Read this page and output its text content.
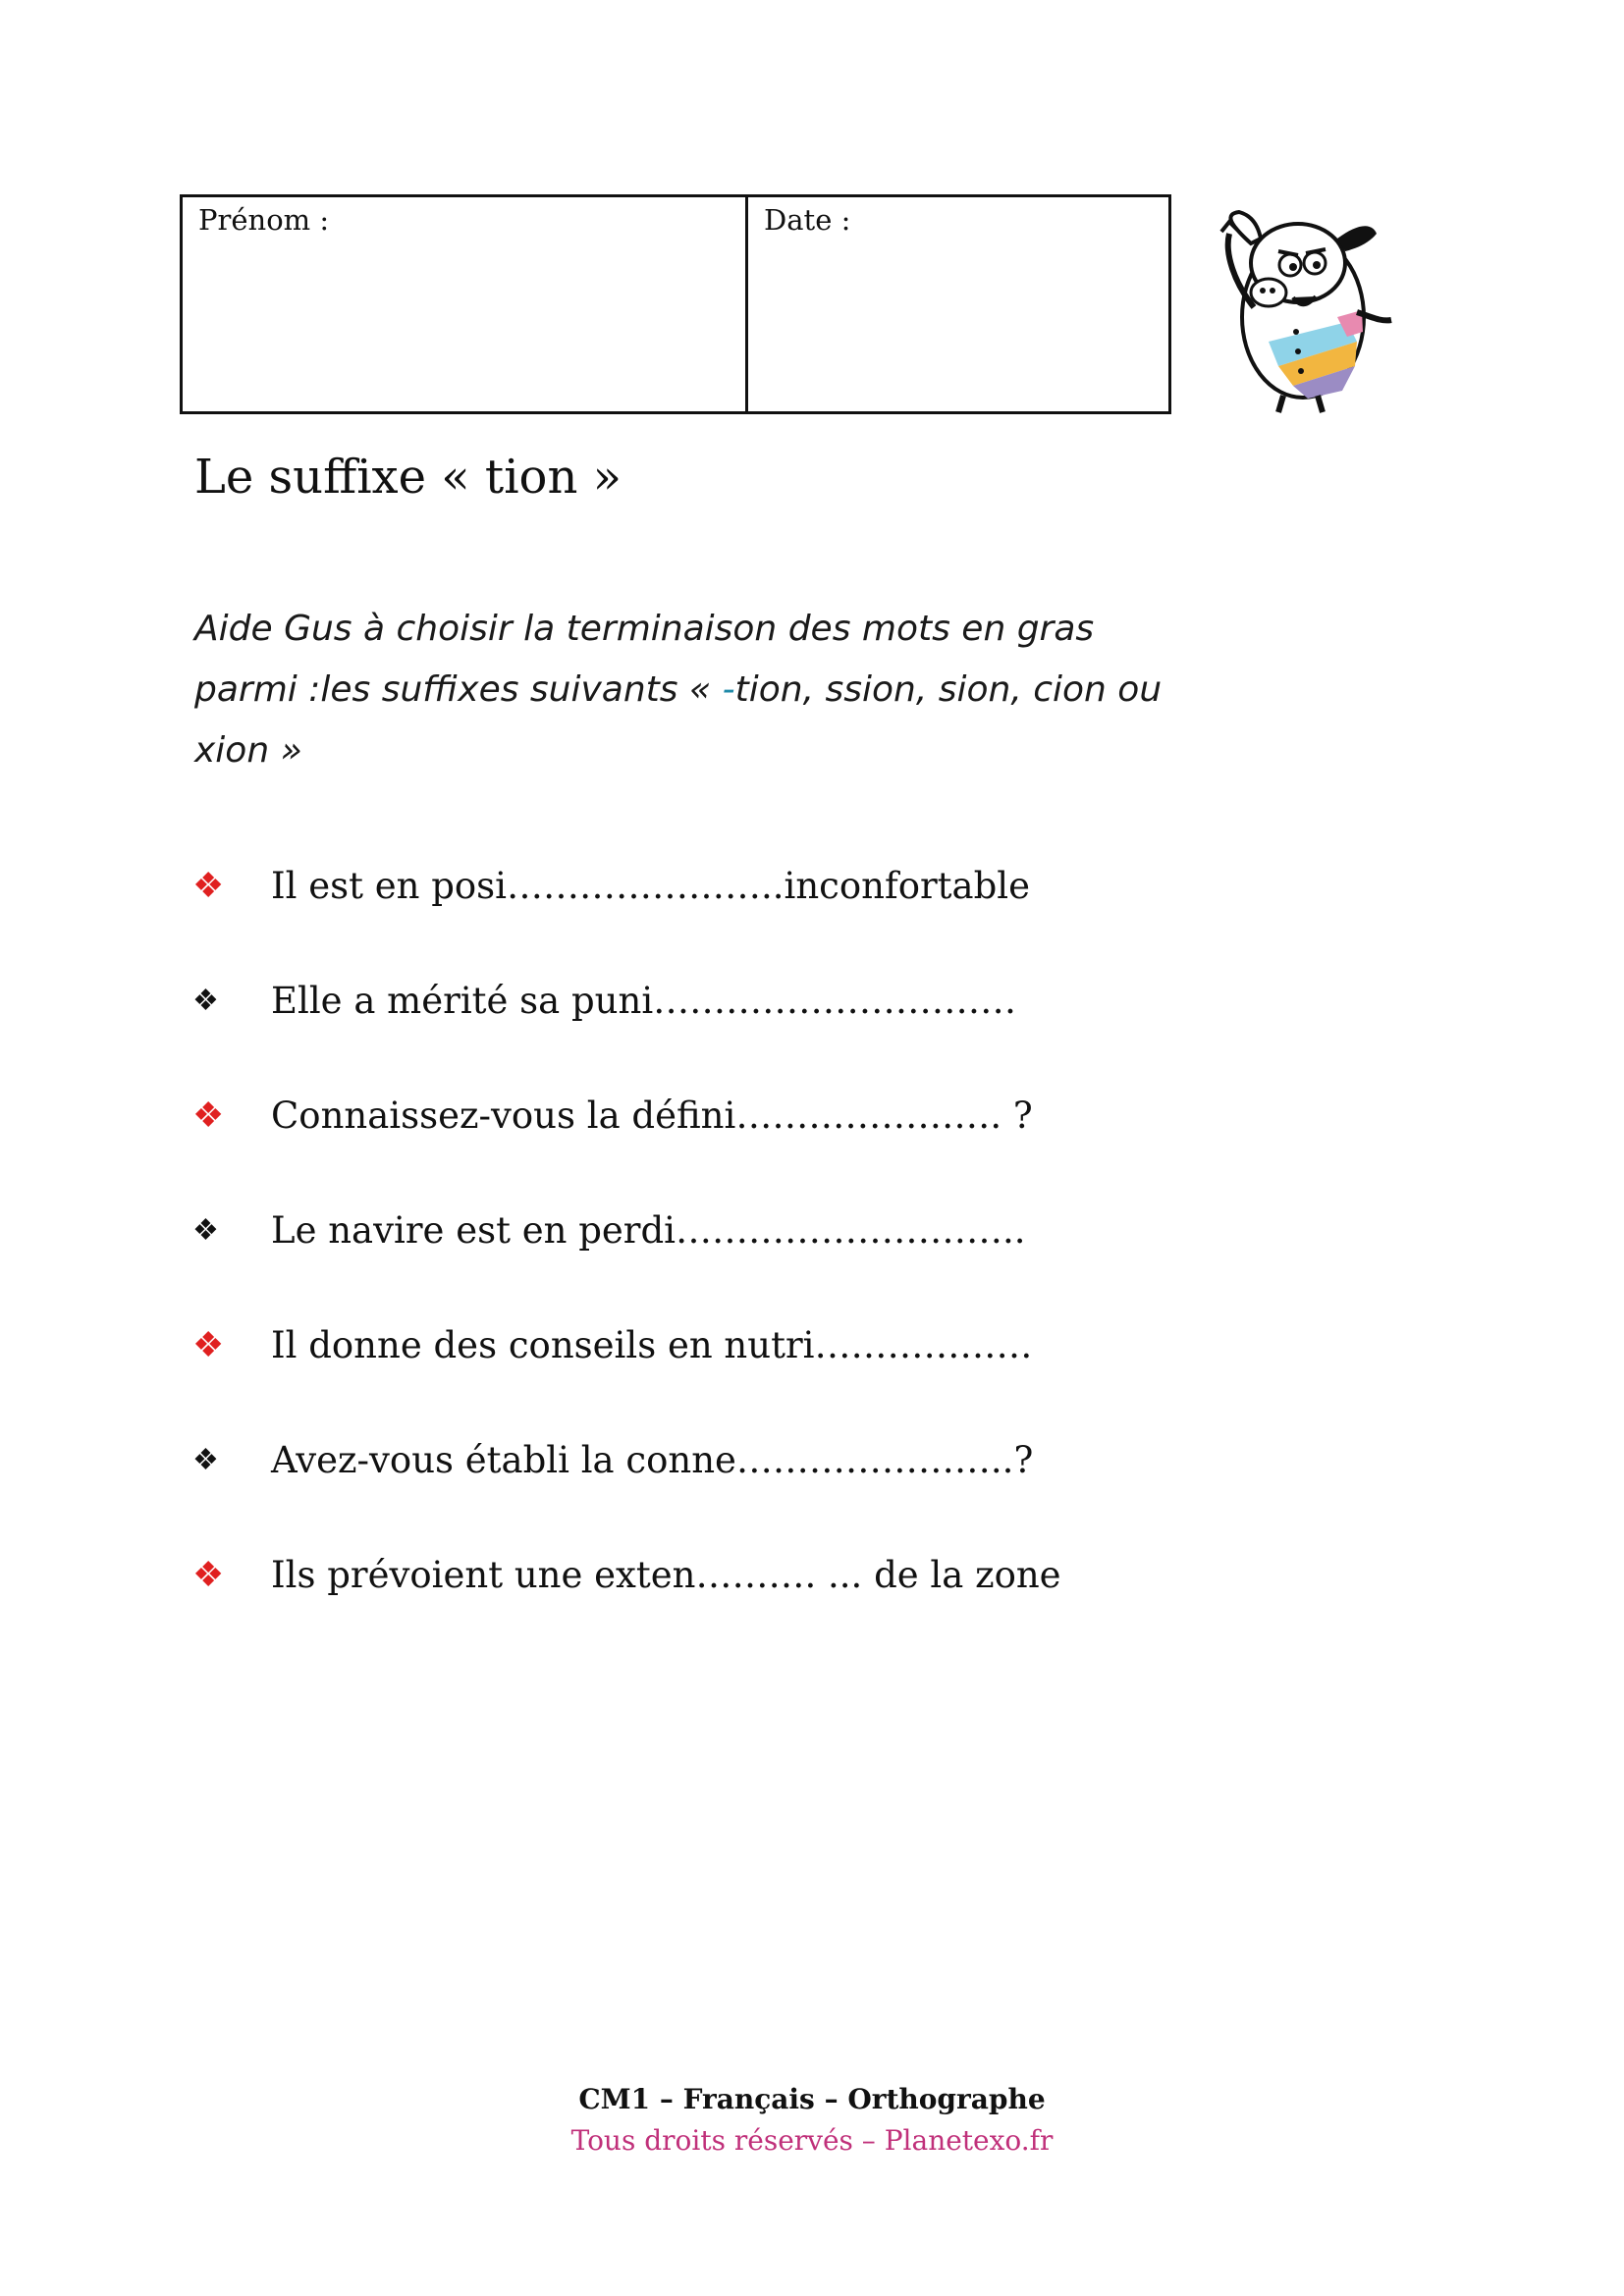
Prénom :	Date :
Le suffixe « tion »

Aide Gus à choisir la terminaison des mots en gras
parmi :les suffixes suivants « -tion, ssion, sion, cion ou
xion »

❖	Il est en posi…………………..inconfortable
❖	Elle a mérité sa puni…………………………
❖	Connaissez-vous la défini…………………. ?
❖	Le navire est en perdi………………………..
❖	Il donne des conseils en nutri………………
❖	Avez-vous établi la conne…………………..?
❖	Ils prévoient une exten………. ... de la zone
CM1 – Français – Orthographe
Tous droits réservés – Planetexo.fr
